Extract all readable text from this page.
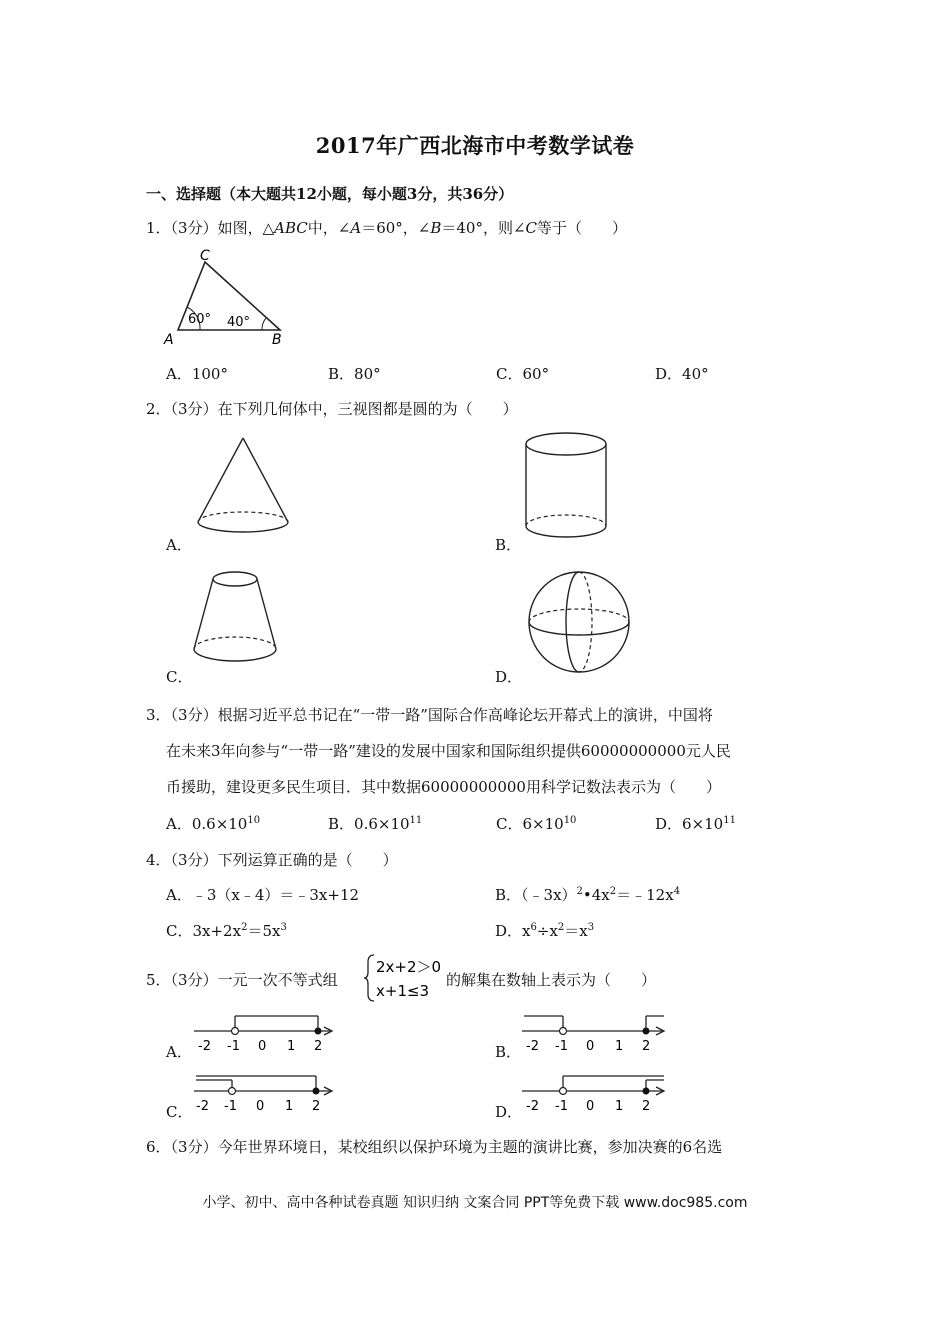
2017年广西北海市中考数学试卷
一、选择题（本大题共12小题，每小题3分，共36分）
1．（3分）如图，△ABC中，∠A＝60°，∠B＝40°，则∠C等于（　　）
C
A	B
60° 40°
A．100°	B．80°	C．60°	D．40°
2．（3分）在下列几何体中，三视图都是圆的为（　　）
A．	B．
C．	D．
3．（3分）根据习近平总书记在“一带一路”国际合作高峰论坛开幕式上的演讲，中国将
在未来3年向参与“一带一路”建设的发展中国家和国际组织提供60000000000元人民
币援助，建设更多民生项目．其中数据60000000000用科学记数法表示为（　　）
A．$0.6\times 10^{10}$	B．$0.6\times 10^{11}$	C．$6\times 10^{10}$	D．$6\times 10^{11}$
4．（3分）下列运算正确的是（　　）
A．﹣3（x﹣4）＝﹣3x+12	B．$(﹣3x)^2•4x^2=﹣12x^4$
C．$3x+2x^2=5x^3$	D．$x^6\div x^2=x^3$
5．（3分）一元一次不等式组
2x+2＞0
x+1≤3
的解集在数轴上表示为（　　）
-2 -1 0 1 2
A．	-2 -1 0 1 2
B．
-2 -1 0 1 2
C．	-2 -1 0 1 2
D．
6．（3分）今年世界环境日，某校组织以保护环境为主题的演讲比赛，参加决赛的6名选
小学、初中、高中各种试卷真题 知识归纳 文案合同 PPT等免费下载 www.doc985.com
